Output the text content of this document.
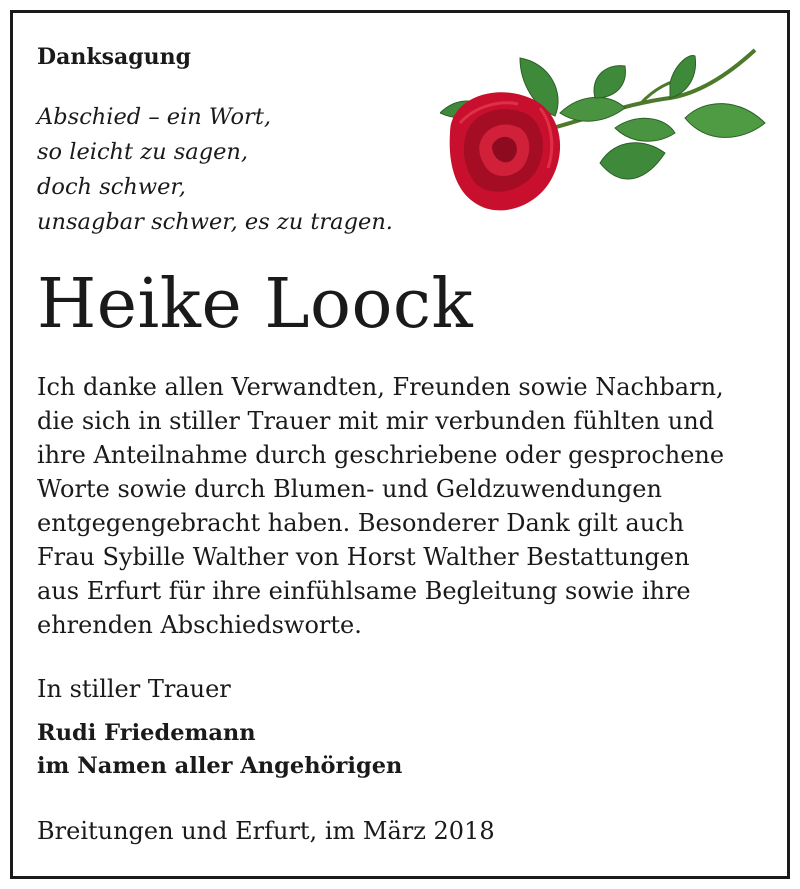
Danksagung
Abschied – ein Wort,
so leicht zu sagen,
doch schwer,
unsagbar schwer, es zu tragen.
Heike Loock
Ich danke allen Verwandten, Freunden sowie Nachbarn,
die sich in stiller Trauer mit mir verbunden fühlten und
ihre Anteilnahme durch geschriebene oder gesprochene
Worte sowie durch Blumen- und Geldzuwendungen
entgegengebracht haben. Besonderer Dank gilt auch
Frau Sybille Walther von Horst Walther Bestattungen
aus Erfurt für ihre einfühlsame Begleitung sowie ihre
ehrenden Abschiedsworte.
In stiller Trauer
Rudi Friedemann
im Namen aller Angehörigen
Breitungen und Erfurt, im März 2018
